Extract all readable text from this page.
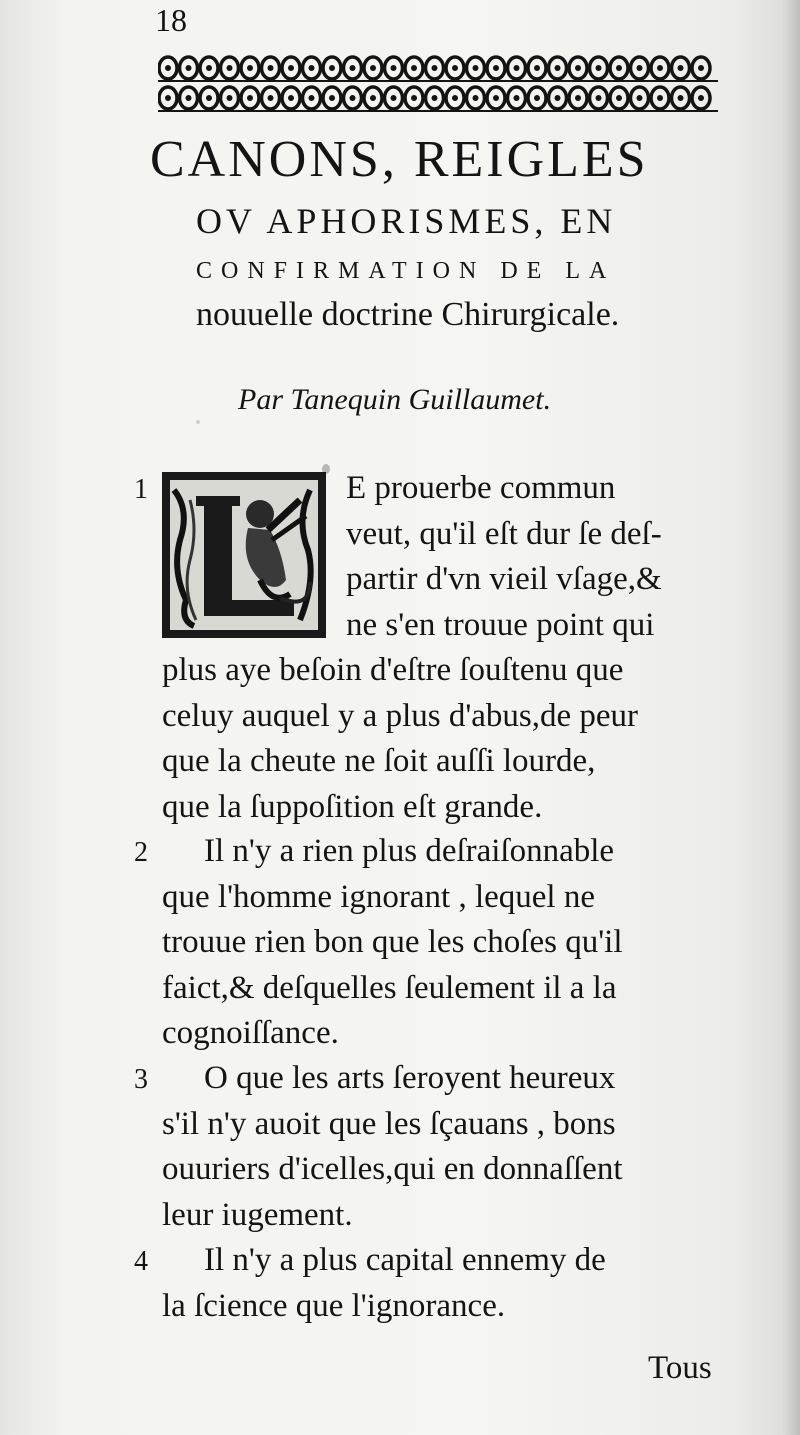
18
CANONS, REIGLES
OV APHORISMES, EN
CONFIRMATION DE LA
nouuelle doctrine Chirurgicale.
Par Tanequin Guillaumet.
Tous
1	E prouerbe commun
veut, qu'il eſt dur ſe deſ-
partir d'vn vieil vſage,&
ne s'en trouue point qui
plus aye beſoin d'eſtre ſouſtenu que
celuy auquel y a plus d'abus,de peur
que la cheute ne ſoit auſſi lourde,
que la ſuppoſition eſt grande.
2 Il n'y a rien plus deſraiſonnable
que l'homme ignorant , lequel ne
trouue rien bon que les choſes qu'il
faict,& deſquelles ſeulement il a la
cognoiſſance.
3 O que les arts ſeroyent heureux
s'il n'y auoit que les ſçauans , bons
ouuriers d'icelles,qui en donnaſſent
leur iugement.
4 Il n'y a plus capital ennemy de
la ſcience que l'ignorance.
